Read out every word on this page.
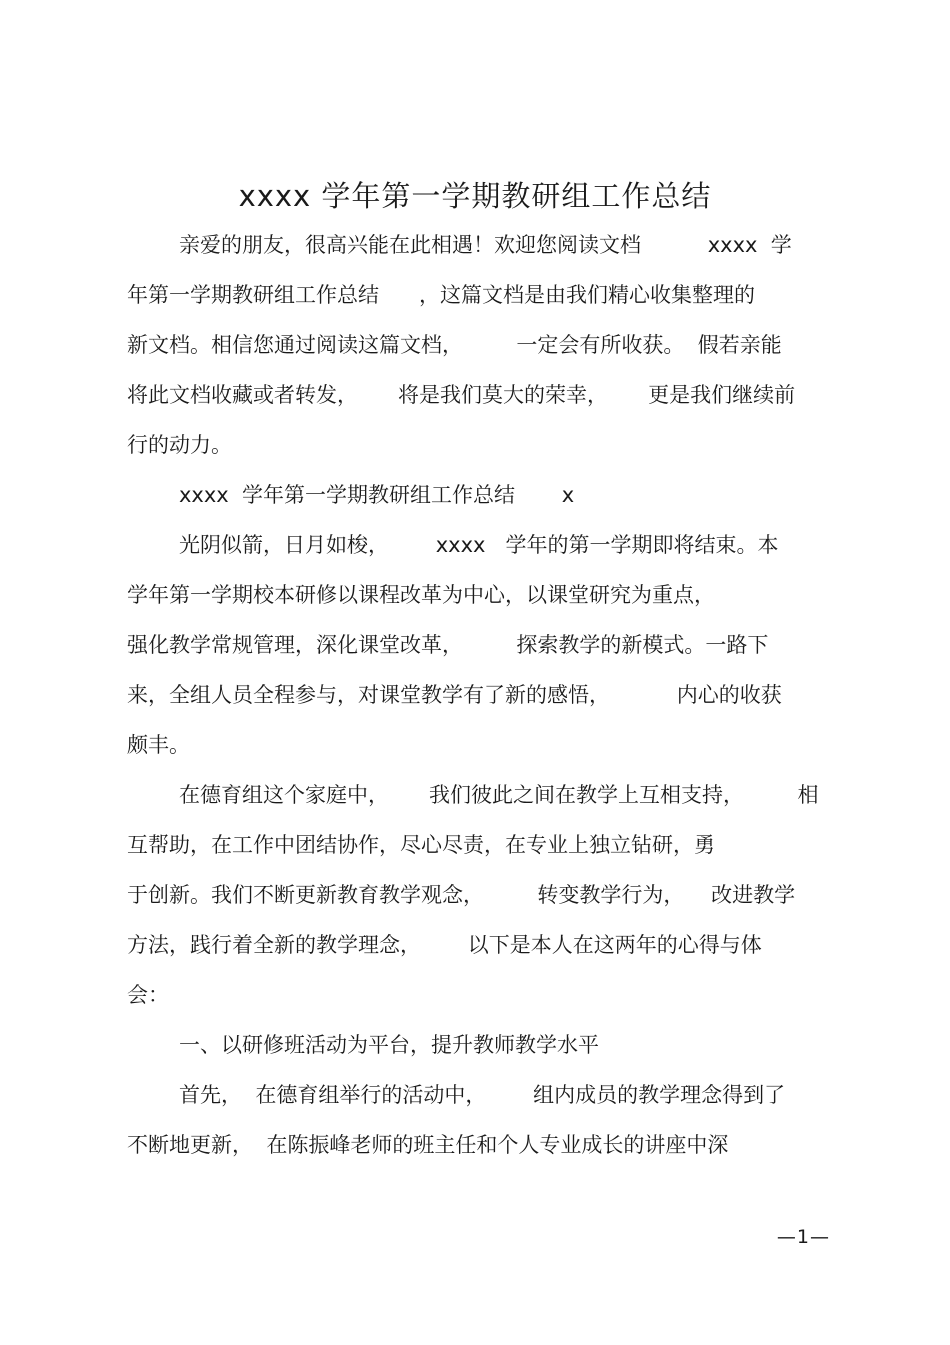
xxxx 学年第一学期教研组工作总结
亲爱的朋友，很高兴能在此相遇！欢迎您阅读文档          xxxx  学
年第一学期教研组工作总结      ，这篇文档是由我们精心收集整理的
新文档。相信您通过阅读这篇文档，        一定会有所收获。  假若亲能
将此文档收藏或者转发，      将是我们莫大的荣幸，      更是我们继续前
行的动力。
xxxx  学年第一学期教研组工作总结       x
光阴似箭，日月如梭，       xxxx   学年的第一学期即将结束。本
学年第一学期校本研修以课程改革为中心，以课堂研究为重点，
强化教学常规管理，深化课堂改革，        探索教学的新模式。一路下
来，全组人员全程参与，对课堂教学有了新的感悟，          内心的收获
颇丰。
在德育组这个家庭中，      我们彼此之间在教学上互相支持，        相
互帮助，在工作中团结协作，尽心尽责，在专业上独立钻研，勇
于创新。我们不断更新教育教学观念，        转变教学行为，    改进教学
方法，践行着全新的教学理念，       以下是本人在这两年的心得与体
会：
一、以研修班活动为平台，提升教师教学水平
首先，  在德育组举行的活动中，       组内成员的教学理念得到了
不断地更新，  在陈振峰老师的班主任和个人专业成长的讲座中深
—1—
